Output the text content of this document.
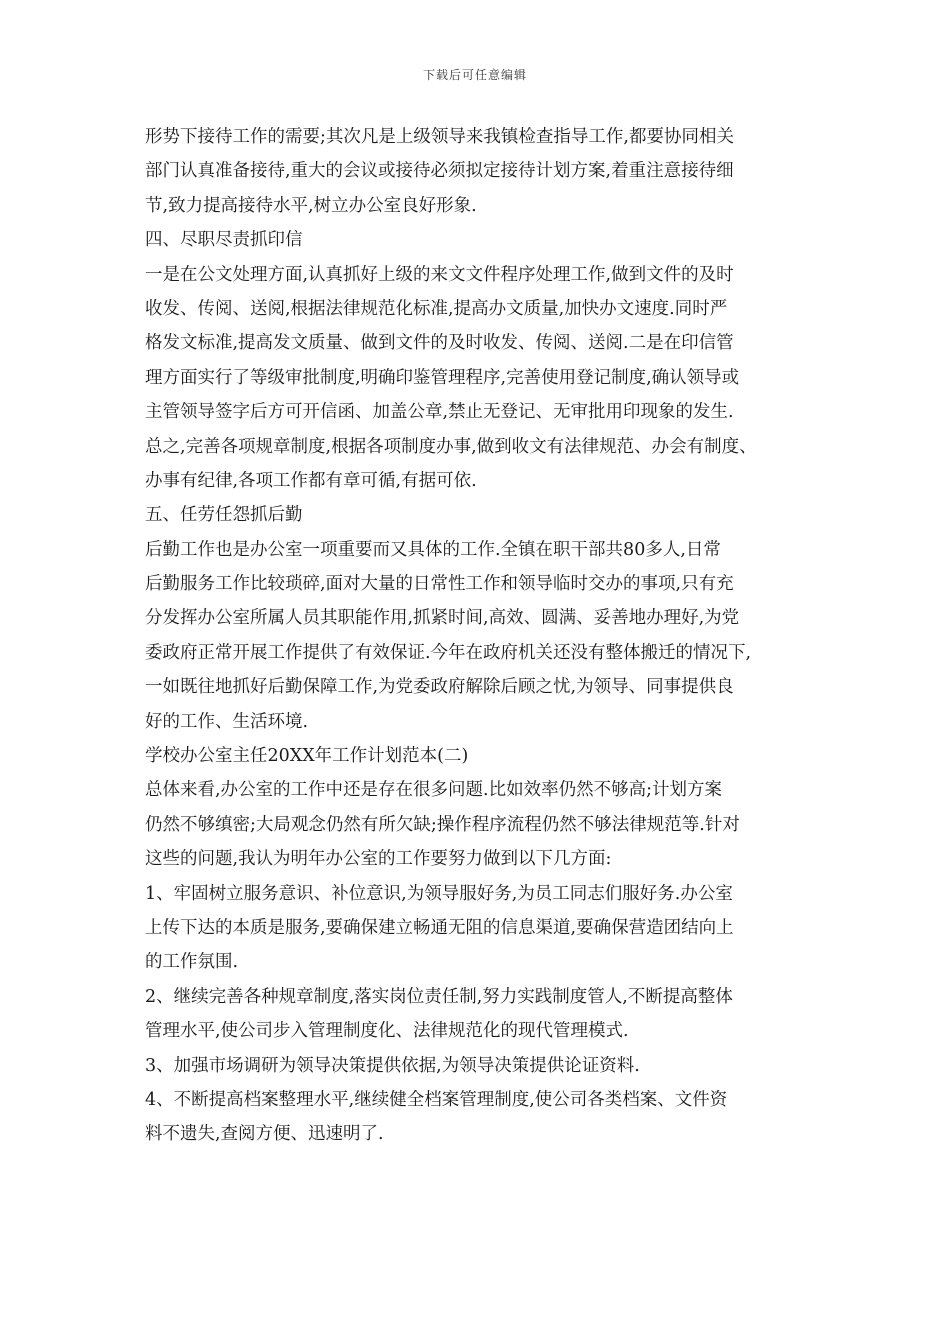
下载后可任意编辑
形势下接待工作的需要;其次凡是上级领导来我镇检查指导工作,都要协同相关
部门认真准备接待,重大的会议或接待必须拟定接待计划方案,着重注意接待细
节,致力提高接待水平,树立办公室良好形象.
四、尽职尽责抓印信
一是在公文处理方面,认真抓好上级的来文文件程序处理工作,做到文件的及时
收发、传阅、送阅,根据法律规范化标准,提高办文质量,加快办文速度.同时严
格发文标准,提高发文质量、做到文件的及时收发、传阅、送阅.二是在印信管
理方面实行了等级审批制度,明确印鉴管理程序,完善使用登记制度,确认领导或
主管领导签字后方可开信函、加盖公章,禁止无登记、无审批用印现象的发生.
总之,完善各项规章制度,根据各项制度办事,做到收文有法律规范、办会有制度、
办事有纪律,各项工作都有章可循,有据可依.
五、任劳任怨抓后勤
后勤工作也是办公室一项重要而又具体的工作.全镇在职干部共80多人,日常
后勤服务工作比较琐碎,面对大量的日常性工作和领导临时交办的事项,只有充
分发挥办公室所属人员其职能作用,抓紧时间,高效、圆满、妥善地办理好,为党
委政府正常开展工作提供了有效保证.今年在政府机关还没有整体搬迁的情况下,
一如既往地抓好后勤保障工作,为党委政府解除后顾之忧,为领导、同事提供良
好的工作、生活环境.
学校办公室主任20XX年工作计划范本(二)
总体来看,办公室的工作中还是存在很多问题.比如效率仍然不够高;计划方案
仍然不够缜密;大局观念仍然有所欠缺;操作程序流程仍然不够法律规范等.针对
这些的问题,我认为明年办公室的工作要努力做到以下几方面:
1、牢固树立服务意识、补位意识,为领导服好务,为员工同志们服好务.办公室
上传下达的本质是服务,要确保建立畅通无阻的信息渠道,要确保营造团结向上
的工作氛围.
2、继续完善各种规章制度,落实岗位责任制,努力实践制度管人,不断提高整体
管理水平,使公司步入管理制度化、法律规范化的现代管理模式.
3、加强市场调研为领导决策提供依据,为领导决策提供论证资料.
4、不断提高档案整理水平,继续健全档案管理制度,使公司各类档案、文件资
料不遗失,查阅方便、迅速明了.
